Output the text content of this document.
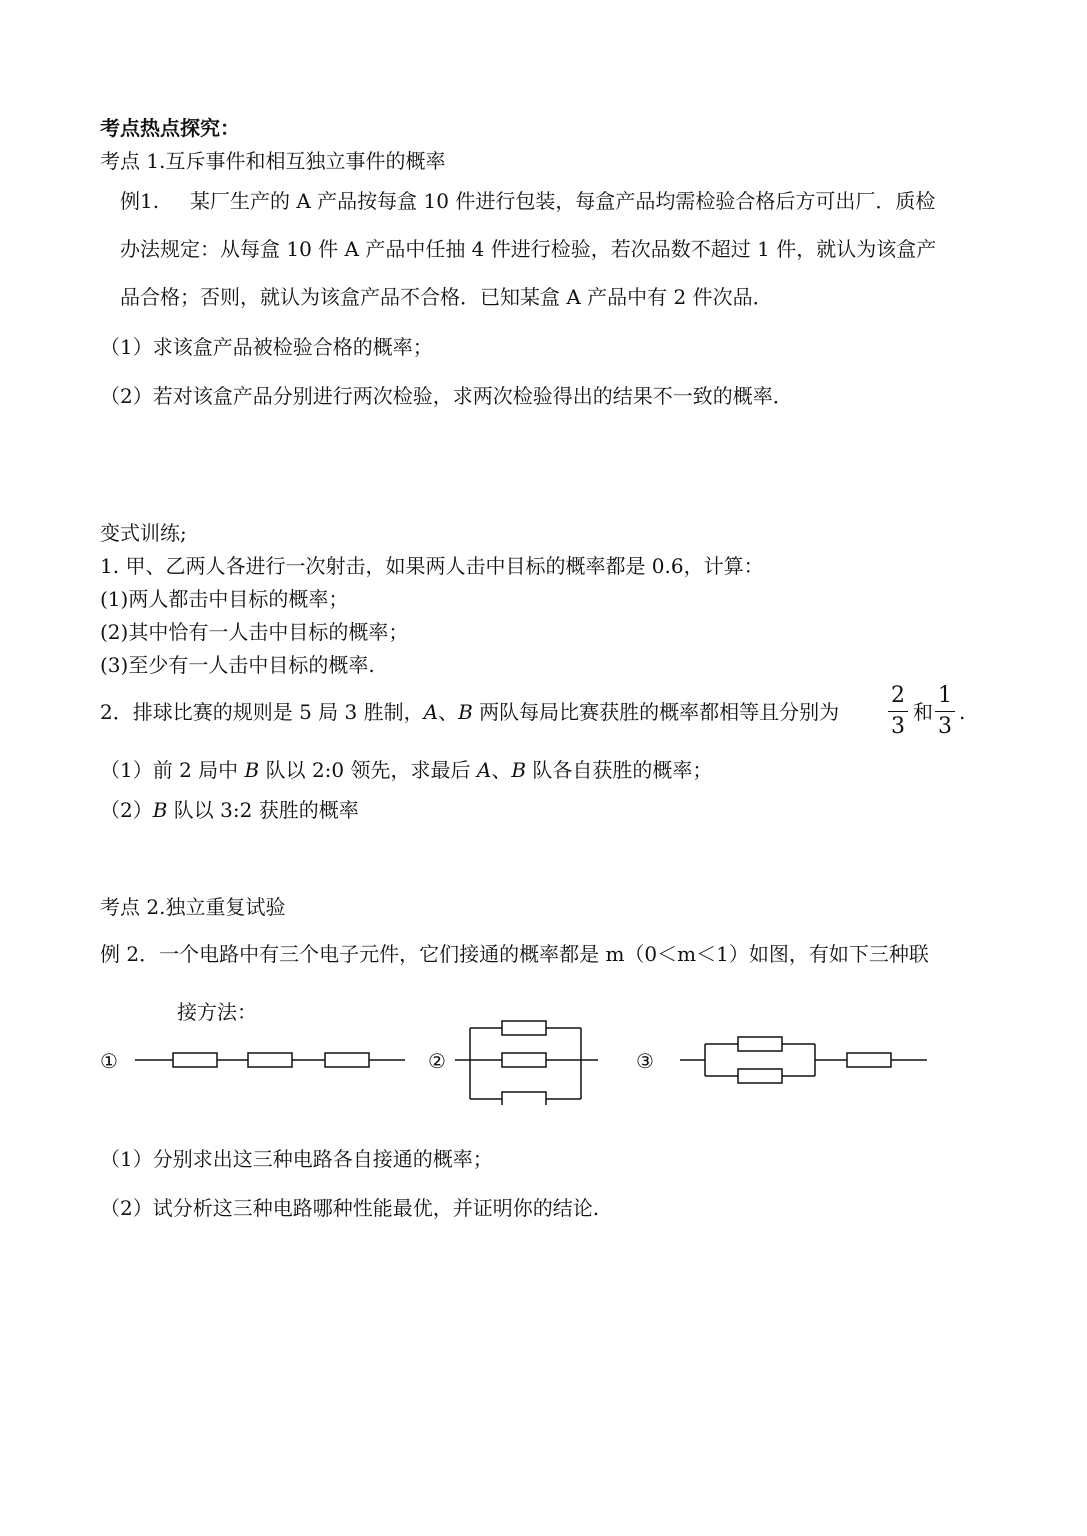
考点热点探究：
考点 1.互斥事件和相互独立事件的概率
例1. 某厂生产的 A 产品按每盒 10 件进行包装，每盒产品均需检验合格后方可出厂．质检
办法规定：从每盒 10 件 A 产品中任抽 4 件进行检验，若次品数不超过 1 件，就认为该盒产
品合格；否则，就认为该盒产品不合格．已知某盒 A 产品中有 2 件次品．
（1）求该盒产品被检验合格的概率；
（2）若对该盒产品分别进行两次检验，求两次检验得出的结果不一致的概率．
变式训练;
1. 甲、乙两人各进行一次射击，如果两人击中目标的概率都是 0.6，计算：
(1)两人都击中目标的概率；
(2)其中恰有一人击中目标的概率；
(3)至少有一人击中目标的概率.
2．排球比赛的规则是 5 局 3 胜制，A、B 两队每局比赛获胜的概率都相等且分别为
2
3
和
1
3
.
（1）前 2 局中 B 队以 2:0 领先，求最后 A、B 队各自获胜的概率；
（2）B 队以 3:2 获胜的概率
考点 2.独立重复试验
例 2．一个电路中有三个电子元件，它们接通的概率都是 m（0＜m＜1）如图，有如下三种联
接方法：
①	②	③
（1）分别求出这三种电路各自接通的概率；
（2）试分析这三种电路哪种性能最优，并证明你的结论.
